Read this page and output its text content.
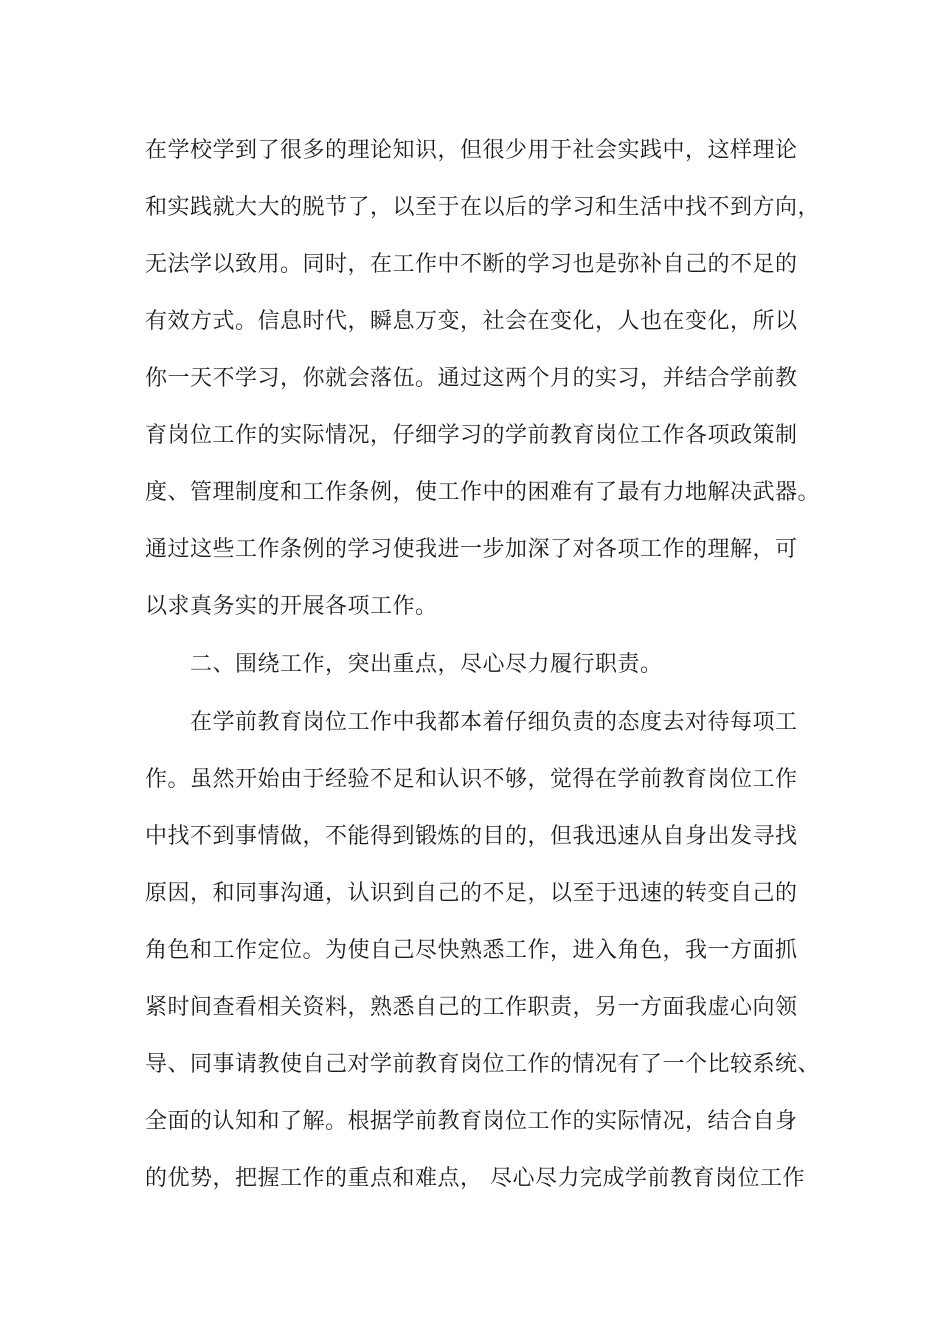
在学校学到了很多的理论知识，但很少用于社会实践中，这样理论
和实践就大大的脱节了，以至于在以后的学习和生活中找不到方向，
无法学以致用。同时，在工作中不断的学习也是弥补自己的不足的
有效方式。信息时代，瞬息万变，社会在变化，人也在变化，所以
你一天不学习，你就会落伍。通过这两个月的实习，并结合学前教
育岗位工作的实际情况，仔细学习的学前教育岗位工作各项政策制
度、管理制度和工作条例，使工作中的困难有了最有力地解决武器。
通过这些工作条例的学习使我进一步加深了对各项工作的理解，可
以求真务实的开展各项工作。
二、围绕工作，突出重点，尽心尽力履行职责。
在学前教育岗位工作中我都本着仔细负责的态度去对待每项工
作。虽然开始由于经验不足和认识不够，觉得在学前教育岗位工作
中找不到事情做，不能得到锻炼的目的，但我迅速从自身出发寻找
原因，和同事沟通，认识到自己的不足，以至于迅速的转变自己的
角色和工作定位。为使自己尽快熟悉工作，进入角色，我一方面抓
紧时间查看相关资料，熟悉自己的工作职责，另一方面我虚心向领
导、同事请教使自己对学前教育岗位工作的情况有了一个比较系统、
全面的认知和了解。根据学前教育岗位工作的实际情况，结合自身
的优势，把握工作的重点和难点， 尽心尽力完成学前教育岗位工作
